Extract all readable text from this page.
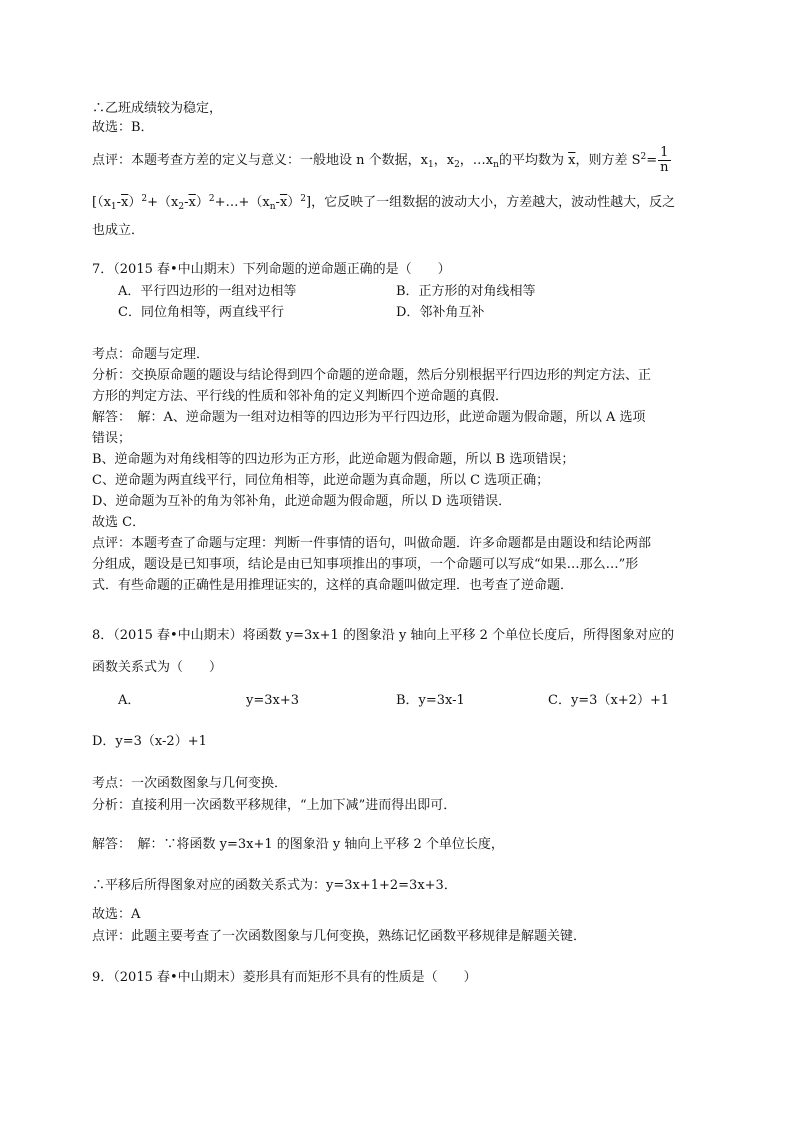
∴乙班成绩较为稳定，
故选：B．
点评：本题考查方差的定义与意义：一般地设 n 个数据，$x_1$，$x_2$，$\dots x_n$的平均数为 $\overline{x}$，则方差 $S^2= \frac{1}{n}$
$[(x_1-\overline{x})^2+(x_2-\overline{x})^2+\dots+(x_n-\overline{x})^2]$，它反映了一组数据的波动大小，方差越大，波动性越大，反之
也成立．
7．（2015 春•中山期末）下列命题的逆命题正确的是（　　）
A．平行四边形的一组对边相等	B．正方形的对角线相等
C．同位角相等，两直线平行	D．邻补角互补
考点：命题与定理．
分析：交换原命题的题设与结论得到四个命题的逆命题，然后分别根据平行四边形的判定方法、正
方形的判定方法、平行线的性质和邻补角的定义判断四个逆命题的真假．
解答：　解：A、逆命题为一组对边相等的四边形为平行四边形，此逆命题为假命题，所以 A 选项
错误；
B、逆命题为对角线相等的四边形为正方形，此逆命题为假命题，所以 B 选项错误；
C、逆命题为两直线平行，同位角相等，此逆命题为真命题，所以 C 选项正确；
D、逆命题为互补的角为邻补角，此逆命题为假命题，所以 D 选项错误．
故选 C．
点评：本题考查了命题与定理：判断一件事情的语句，叫做命题．许多命题都是由题设和结论两部
分组成，题设是已知事项，结论是由已知事项推出的事项，一个命题可以写成“如果…那么…”形
式．有些命题的正确性是用推理证实的，这样的真命题叫做定理．也考查了逆命题．
8．（2015 春•中山期末）将函数 y=3x+1 的图象沿 y 轴向上平移 2 个单位长度后，所得图象对应的
函数关系式为（　　）
A．	y=3x+3	B．y=3x-1	C．y=3（x+2）+1
D．y=3（x-2）+1
考点：一次函数图象与几何变换．
分析：直接利用一次函数平移规律，“上加下减”进而得出即可．
解答：　解：∵将函数 y=3x+1 的图象沿 y 轴向上平移 2 个单位长度，
∴平移后所得图象对应的函数关系式为：y=3x+1+2=3x+3．
故选：A
点评：此题主要考查了一次函数图象与几何变换，熟练记忆函数平移规律是解题关键．
9．（2015 春•中山期末）菱形具有而矩形不具有的性质是（　　）
